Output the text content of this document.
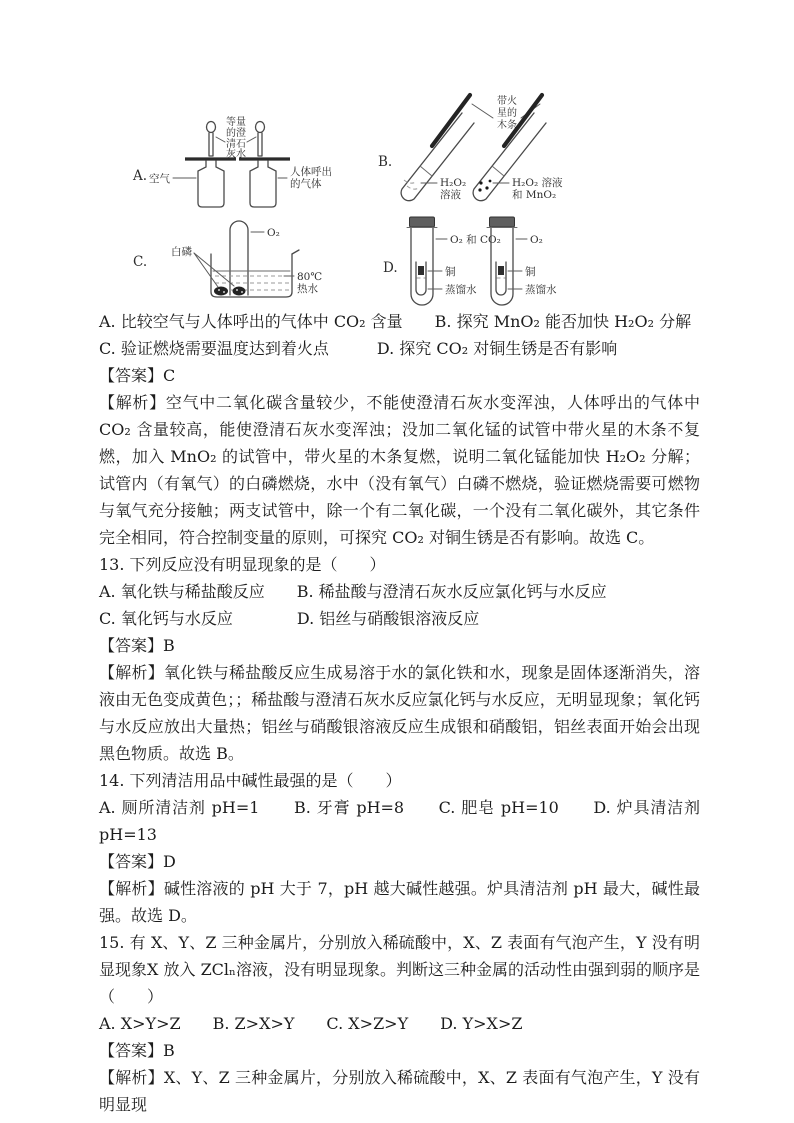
A.
等量
的澄
清石
灰水
空气
人体呼出
的气体
B.
带火
星的
木条
H₂O₂
溶液
H₂O₂ 溶液
和 MnO₂
C.
O₂
白磷
80℃
热水
D.
O₂ 和 CO₂
铜
蒸馏水
O₂
铜
蒸馏水

A. 比较空气与人体呼出的气体中 CO₂ 含量　　B. 探究 MnO₂ 能否加快 H₂O₂ 分解

C. 验证燃烧需要温度达到着火点　　　D. 探究 CO₂ 对铜生锈是否有影响

【答案】C

【解析】空气中二氧化碳含量较少，不能使澄清石灰水变浑浊，人体呼出的气体中 CO₂ 含量较高，能使澄清石灰水变浑浊；没加二氧化锰的试管中带火星的木条不复燃，加入 MnO₂ 的试管中，带火星的木条复燃，说明二氧化锰能加快 H₂O₂ 分解；试管内（有氧气）的白磷燃烧，水中（没有氧气）白磷不燃烧，验证燃烧需要可燃物与氧气充分接触；两支试管中，除一个有二氧化碳，一个没有二氧化碳外，其它条件完全相同，符合控制变量的原则，可探究 CO₂ 对铜生锈是否有影响。故选 C。

13. 下列反应没有明显现象的是（　　）

A. 氧化铁与稀盐酸反应　　B. 稀盐酸与澄清石灰水反应氯化钙与水反应

C. 氧化钙与水反应　　　　D. 铝丝与硝酸银溶液反应

【答案】B

【解析】氧化铁与稀盐酸反应生成易溶于水的氯化铁和水，现象是固体逐渐消失，溶液由无色变成黄色；；稀盐酸与澄清石灰水反应氯化钙与水反应，无明显现象；氧化钙与水反应放出大量热；铝丝与硝酸银溶液反应生成银和硝酸铝，铝丝表面开始会出现黑色物质。故选 B。

14. 下列清洁用品中碱性最强的是（　　）

A. 厕所清洁剂 pH=1　　B. 牙膏 pH=8　　C. 肥皂 pH=10　　D. 炉具清洁剂 pH=13

【答案】D

【解析】碱性溶液的 pH 大于 7，pH 越大碱性越强。炉具清洁剂 pH 最大，碱性最强。故选 D。

15. 有 X、Y、Z 三种金属片，分别放入稀硫酸中，X、Z 表面有气泡产生，Y 没有明显现象X 放入 ZClₙ溶液，没有明显现象。判断这三种金属的活动性由强到弱的顺序是（　　）

A. X>Y>Z　　B. Z>X>Y　　C. X>Z>Y　　D. Y>X>Z

【答案】B

【解析】X、Y、Z 三种金属片，分别放入稀硫酸中，X、Z 表面有气泡产生，Y 没有明显现
